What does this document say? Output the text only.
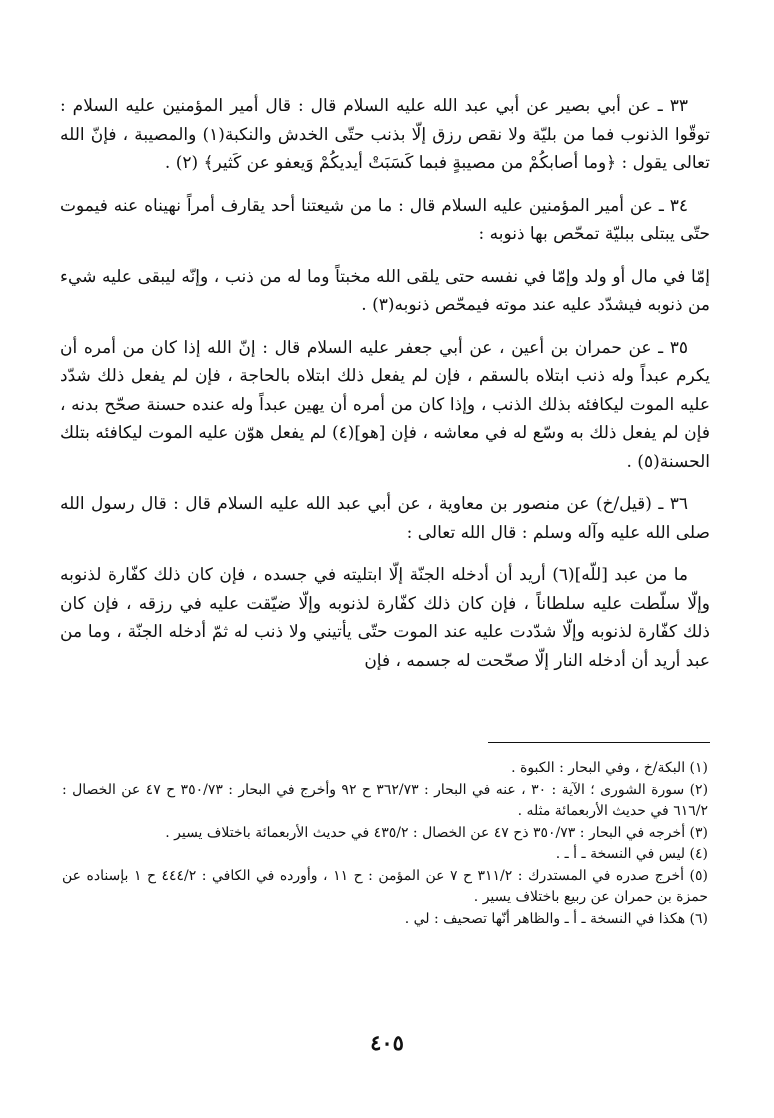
٣٣ ـ عن أبي بصير عن أبي عبد الله عليه السلام قال : قال أمير المؤمنين عليه السلام : توقّوا الذنوب فما من بليّة ولا نقص رزق إلّا بذنب حتّى الخدش والنكبة(١) والمصيبة ، فإنّ الله تعالى يقول : ﴿وما أصابكُمْ من مصيبةٍ فبما كَسَبَتْ أيديكُمْ وَيعفو عن كَثير﴾ (٢) .

٣٤ ـ عن أمير المؤمنين عليه السلام قال : ما من شيعتنا أحد يقارف أمراً نهيناه عنه فيموت حتّى يبتلى ببليّة تمحّص بها ذنوبه :

إمّا في مال أو ولد وإمّا في نفسه حتى يلقى الله مخبتاً وما له من ذنب ، وإنّه ليبقى عليه شيء من ذنوبه فيشدّد عليه عند موته فيمحّص ذنوبه(٣) .

٣٥ ـ عن حمران بن أعين ، عن أبي جعفر عليه السلام قال : إنّ الله إذا كان من أمره أن يكرم عبداً وله ذنب ابتلاه بالسقم ، فإن لم يفعل ذلك ابتلاه بالحاجة ، فإن لم يفعل ذلك شدّد عليه الموت ليكافئه بذلك الذنب ، وإذا كان من أمره أن يهين عبداً وله عنده حسنة صحّح بدنه ، فإن لم يفعل ذلك به وسّع له في معاشه ، فإن [هو](٤) لم يفعل هوّن عليه الموت ليكافئه بتلك الحسنة(٥) .

٣٦ ـ (قيل/خ) عن منصور بن معاوية ، عن أبي عبد الله عليه السلام قال : قال رسول الله صلى الله عليه وآله وسلم : قال الله تعالى :

ما من عبد [للّه](٦) أريد أن أدخله الجنّة إلّا ابتليته في جسده ، فإن كان ذلك كفّارة لذنوبه وإلّا سلّطت عليه سلطاناً ، فإن كان ذلك كفّارة لذنوبه وإلّا ضيّقت عليه في رزقه ، فإن كان ذلك كفّارة لذنوبه وإلّا شدّدت عليه عند الموت حتّى يأتيني ولا ذنب له ثمّ أدخله الجنّة ، وما من عبد أريد أن أدخله النار إلّا صحّحت له جسمه ، فإن

(١) البكة/خ ، وفي البحار : الكبوة .
(٢) سورة الشورى ؛ الآية : ٣٠ ، عنه في البحار : ٣٦٢/٧٣ ح ٩٢ وأخرج في البحار : ٣٥٠/٧٣ ح ٤٧ عن الخصال : ٦١٦/٢ في حديث الأربعمائة مثله .
(٣) أخرجه في البحار : ٣٥٠/٧٣ ذح ٤٧ عن الخصال : ٤٣٥/٢ في حديث الأربعمائة باختلاف يسير .
(٤) ليس في النسخة ـ أ ـ .
(٥) أخرج صدره في المستدرك : ٣١١/٢ ح ٧ عن المؤمن : ح ١١ ، وأورده في الكافي : ٤٤٤/٢ ح ١ بإسناده عن حمزة بن حمران عن ربيع باختلاف يسير .
(٦) هكذا في النسخة ـ أ ـ والظاهر أنّها تصحيف : لي .
٤٠٥
